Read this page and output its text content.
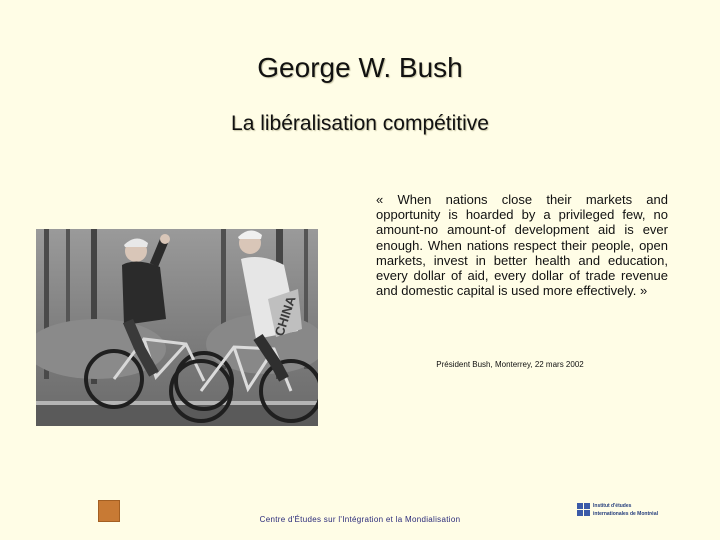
George W. Bush
La libéralisation compétitive
CHINA
« When nations close their markets and opportunity is hoarded by a privileged few, no amount-no amount-of development aid is ever enough. When nations respect their people, open markets, invest in better health and education, every dollar of aid, every dollar of trade revenue and domestic capital is used more effectively. »
Président Bush, Monterrey, 22 mars 2002
Centre d'Études sur l'Intégration et la Mondialisation
Institut d'études
internationales de Montréal
